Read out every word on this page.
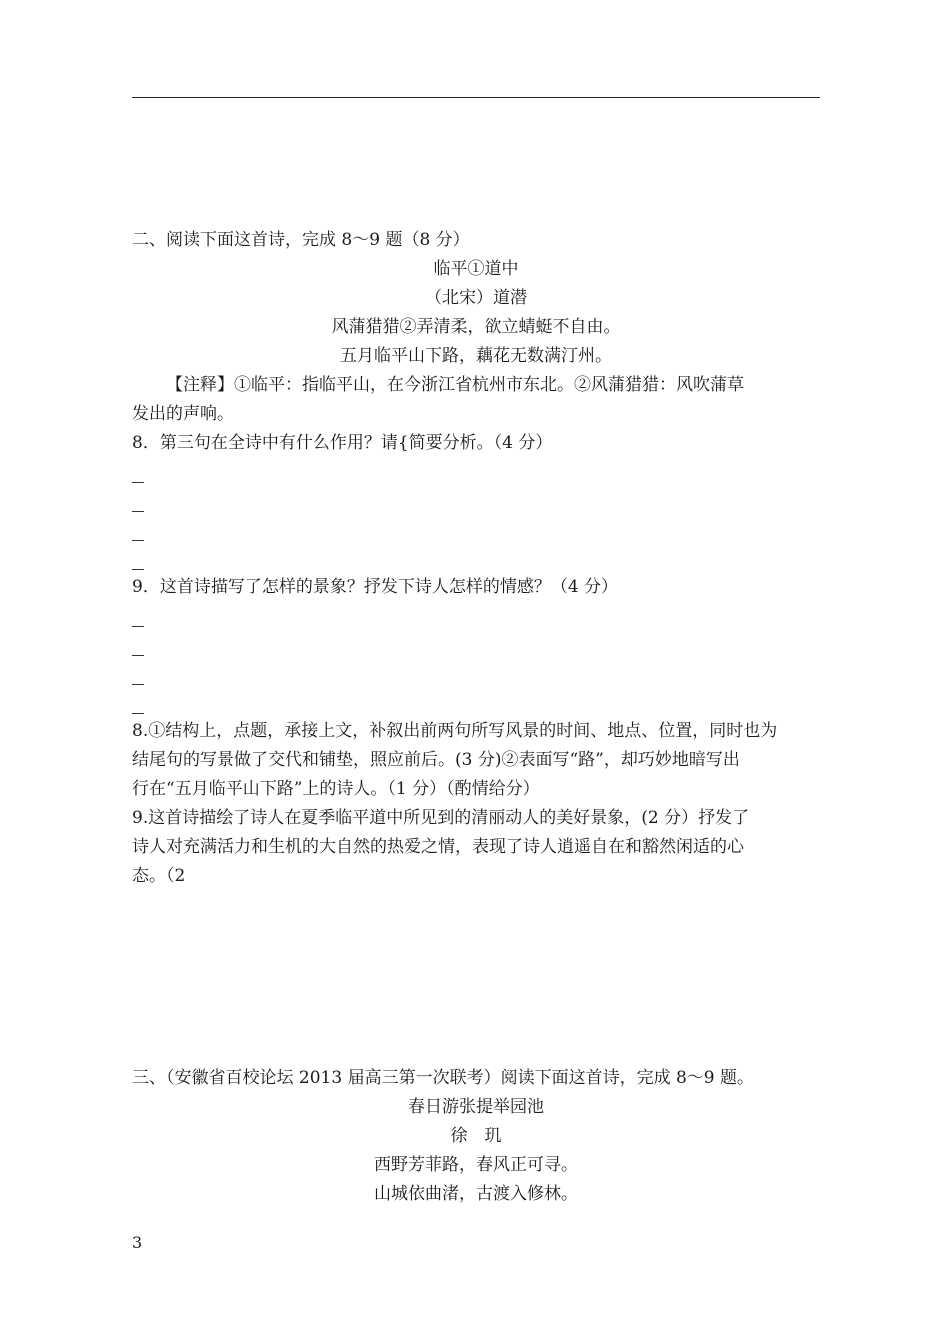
二、阅读下面这首诗，完成 8～9 题（8 分）
临平①道中
（北宋）道潜
风蒲猎猎②弄清柔，欲立蜻蜓不自由。
五月临平山下路，藕花无数满汀州。
【注释】①临平：指临平山，在今浙江省杭州市东北。②风蒲猎猎：风吹蒲草
发出的声响。
8．第三句在全诗中有什么作用？请{简要分析。（4 分）
9．这首诗描写了怎样的景象？抒发下诗人怎样的情感？（4 分）
8.①结构上，点题，承接上文，补叙出前两句所写风景的时间、地点、位置，同时也为
结尾句的写景做了交代和铺垫，照应前后。(3 分)②表面写“路”，却巧妙地暗写出
行在“五月临平山下路”上的诗人。（1 分）（酌情给分）
9.这首诗描绘了诗人在夏季临平道中所见到的清丽动人的美好景象，(2 分）抒发了
诗人对充满活力和生机的大自然的热爱之情，表现了诗人逍遥自在和豁然闲适的心
态。（2
三、（安徽省百校论坛 2013 届高三第一次联考）阅读下面这首诗，完成 8～9 题。
春日游张提举园池
徐　玑
西野芳菲路，春风正可寻。
山城依曲渚，古渡入修林。
3
